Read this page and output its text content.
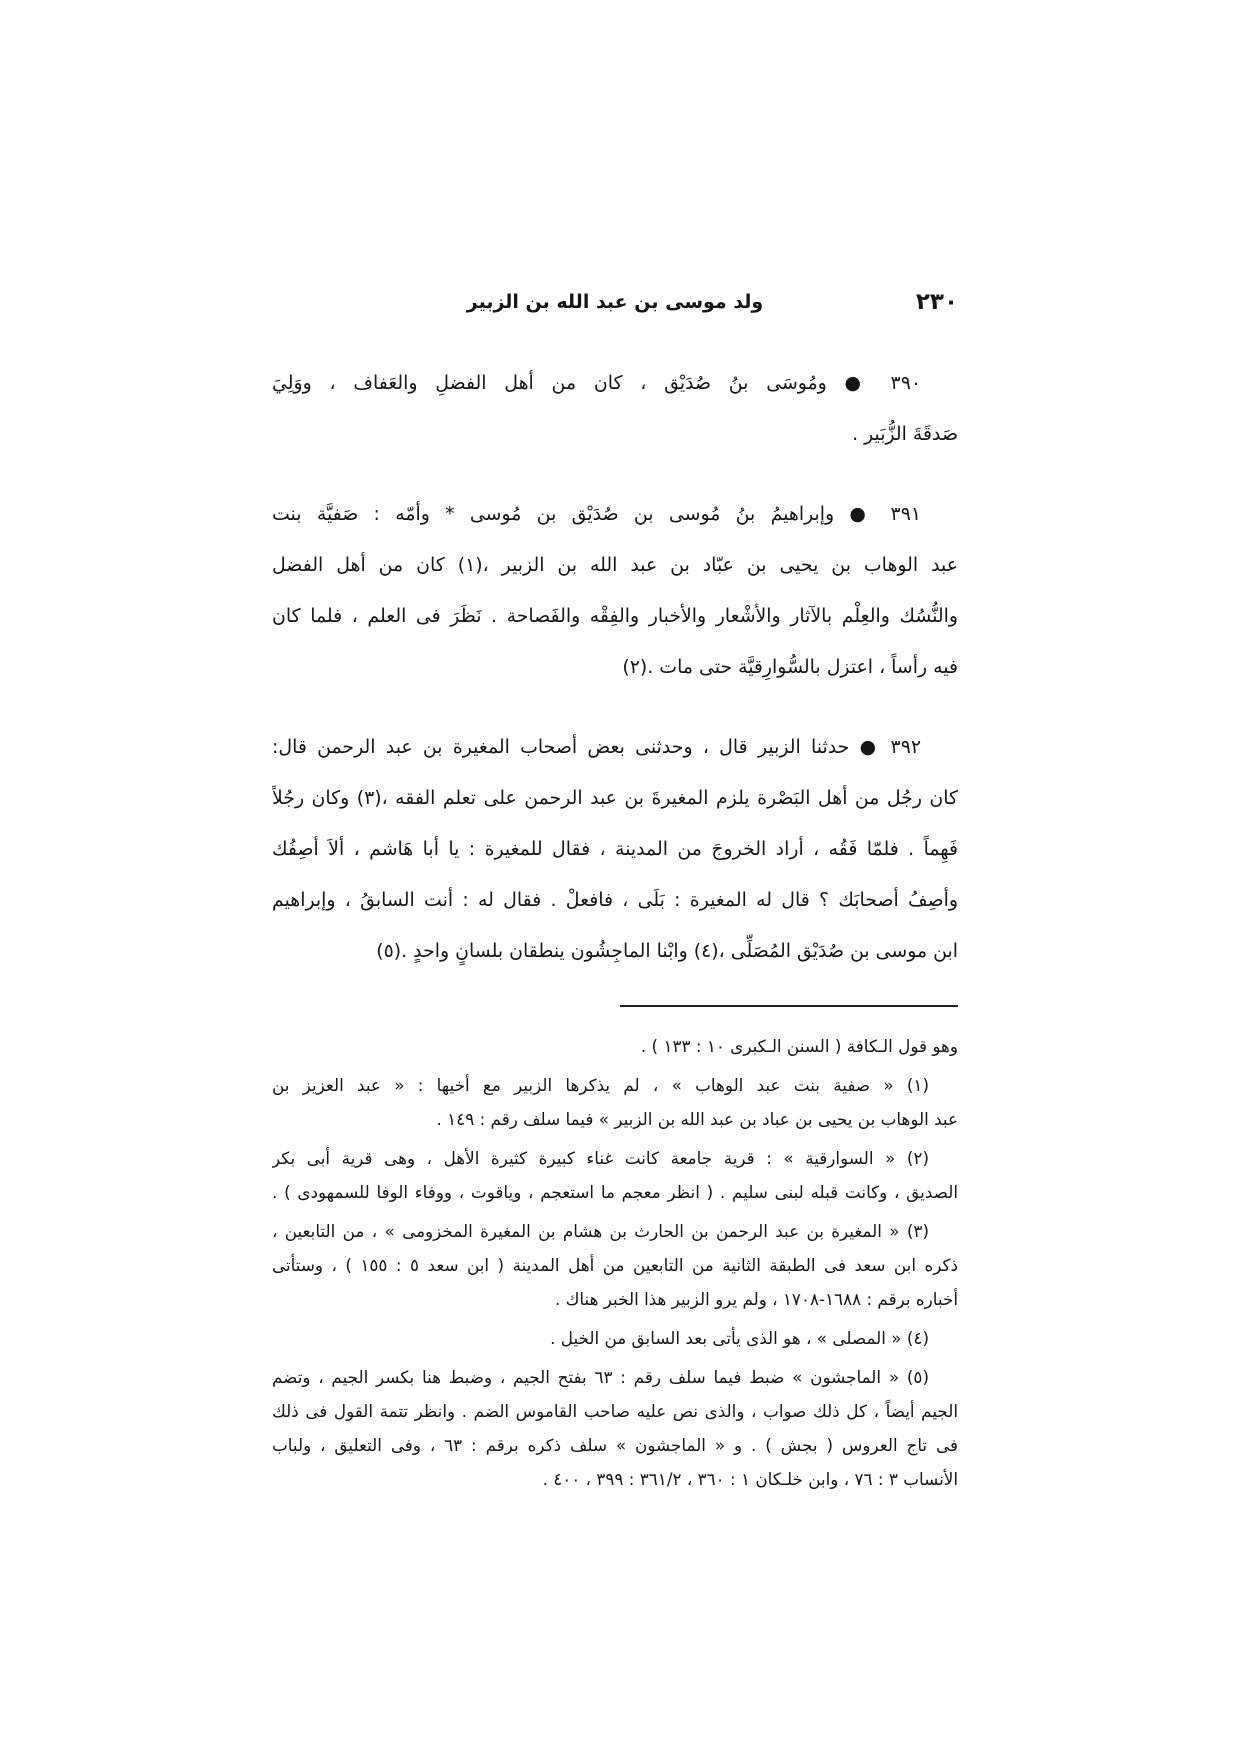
٢٣٠
ولد موسى بن عبد الله بن الزبير
٣٩٠ ● ومُوسَى بنُ صُدَيْق ، كان من أهل الفضلِ والعَفاف ، ووَلِيَ
صَدقَةَ الزُّبَير .
٣٩١ ● وإبراهيمُ بنُ مُوسى بن صُدَيْق بن مُوسى * وأمّه : صَفيَّة بنت
عبد الوهاب بن يحيى بن عبّاد بن عبد الله بن الزبير ،(١) كان من أهل الفضل
والنُّسُك والعِلْم بالآثار والأشْعار والأخبار والفِقْه والفَصاحة . نَظَرَ فى العلم ، فلما كان
فيه رأساً ، اعتزل بالسُّوارِقيَّة حتى مات .(٢)
٣٩٢ ● حدثنا الزبير قال ، وحدثنى بعض أصحاب المغيرة بن عبد الرحمن قال:
كان رجُل من أهل البَصْرة يلزم المغيرةَ بن عبد الرحمن على تعلم الفقه ،(٣) وكان رجُلاً
فَهِماً . فلمّا فَقُه ، أراد الخروجَ من المدينة ، فقال للمغيرة : يا أبا هَاشم ، ألاَ أصِفُك
وأصِفُ أصحابَك ؟ قال له المغيرة : بَلَى ، فافعلْ . فقال له : أنت السابقُ ، وإبراهيم
ابن موسى بن صُدَيْق المُصَلِّى ،(٤) وابْنا الماجِشُون ينطقان بلسانٍ واحدٍ .(٥)
وهو قول الـكافة ( السنن الـكبرى ١٠ : ١٣٣ ) .
(١) « صفية بنت عبد الوهاب » ، لم يذكرها الزبير مع أخيها : « عبد العزيز بن
عبد الوهاب بن يحيى بن عباد بن عبد الله بن الزبير » فيما سلف رقم : ١٤٩ .
(٢) « السوارقية » : قرية جامعة كانت غناء كبيرة كثيرة الأهل ، وهى قرية أبى بكر
الصديق ، وكانت قبله لبنى سليم . ( انظر معجم ما استعجم ، وياقوت ، ووفاء الوفا للسمهودى ) .
(٣) « المغيرة بن عبد الرحمن بن الحارث بن هشام بن المغيرة المخزومى » ، من التابعين ،
ذكره ابن سعد فى الطبقة الثانية من التابعين من أهل المدينة ( ابن سعد ٥ : ١٥٥ ) ، وستأتى
أخباره برقم : ١٦٨٨-١٧٠٨ ، ولم يرو الزبير هذا الخبر هناك .
(٤) « المصلى » ، هو الذى يأتى بعد السابق من الخيل .
(٥) « الماجشون » ضبط فيما سلف رقم : ٦٣ بفتح الجيم ، وضبط هنا بكسر الجيم ، وتضم
الجيم أيضاً ، كل ذلك صواب ، والذى نص عليه صاحب القاموس الضم . وانظر تتمة القول فى ذلك
فى تاج العروس ( بجش ) . و « الماجشون » سلف ذكره برقم : ٦٣ ، وفى التعليق ، ولباب
الأنساب ٣ : ٧٦ ، وابن خلـكان ١ : ٣٦٠ ، ٣٦١/٢ : ٣٩٩ ، ٤٠٠ .
